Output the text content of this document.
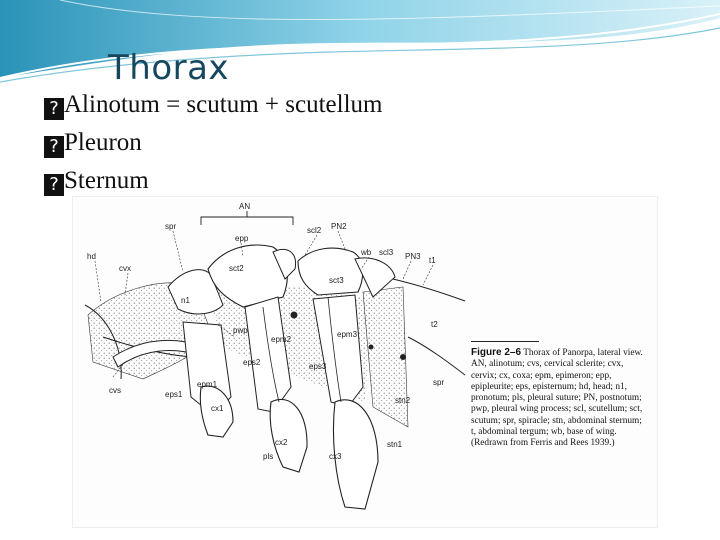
Thorax
? Alinotum = scutum + scutellum
? Pleuron
? Sternum
AN
spr	scl2 PN2
hd
cvx
epp
wb scl3 PN3 t1
sct2
sct3
n1
pwp
epm2
epm3
t2
eps2	eps3
spr
epm1
cvs	eps1
cx1
stn2
cx2	stn1
pls	cx3
Figure 2–6 Thorax of Panorpa, lateral view. AN, alinotum; cvs, cervical sclerite; cvx, cervix; cx, coxa; epm, epimeron; epp, epipleurite; eps, episternum; hd, head; n1, pronotum; pls, pleural suture; PN, postnotum; pwp, pleural wing process; scl, scutellum; sct, scutum; spr, spiracle; stn, abdominal sternum; t, abdominal tergum; wb, base of wing. (Redrawn from Ferris and Rees 1939.)
